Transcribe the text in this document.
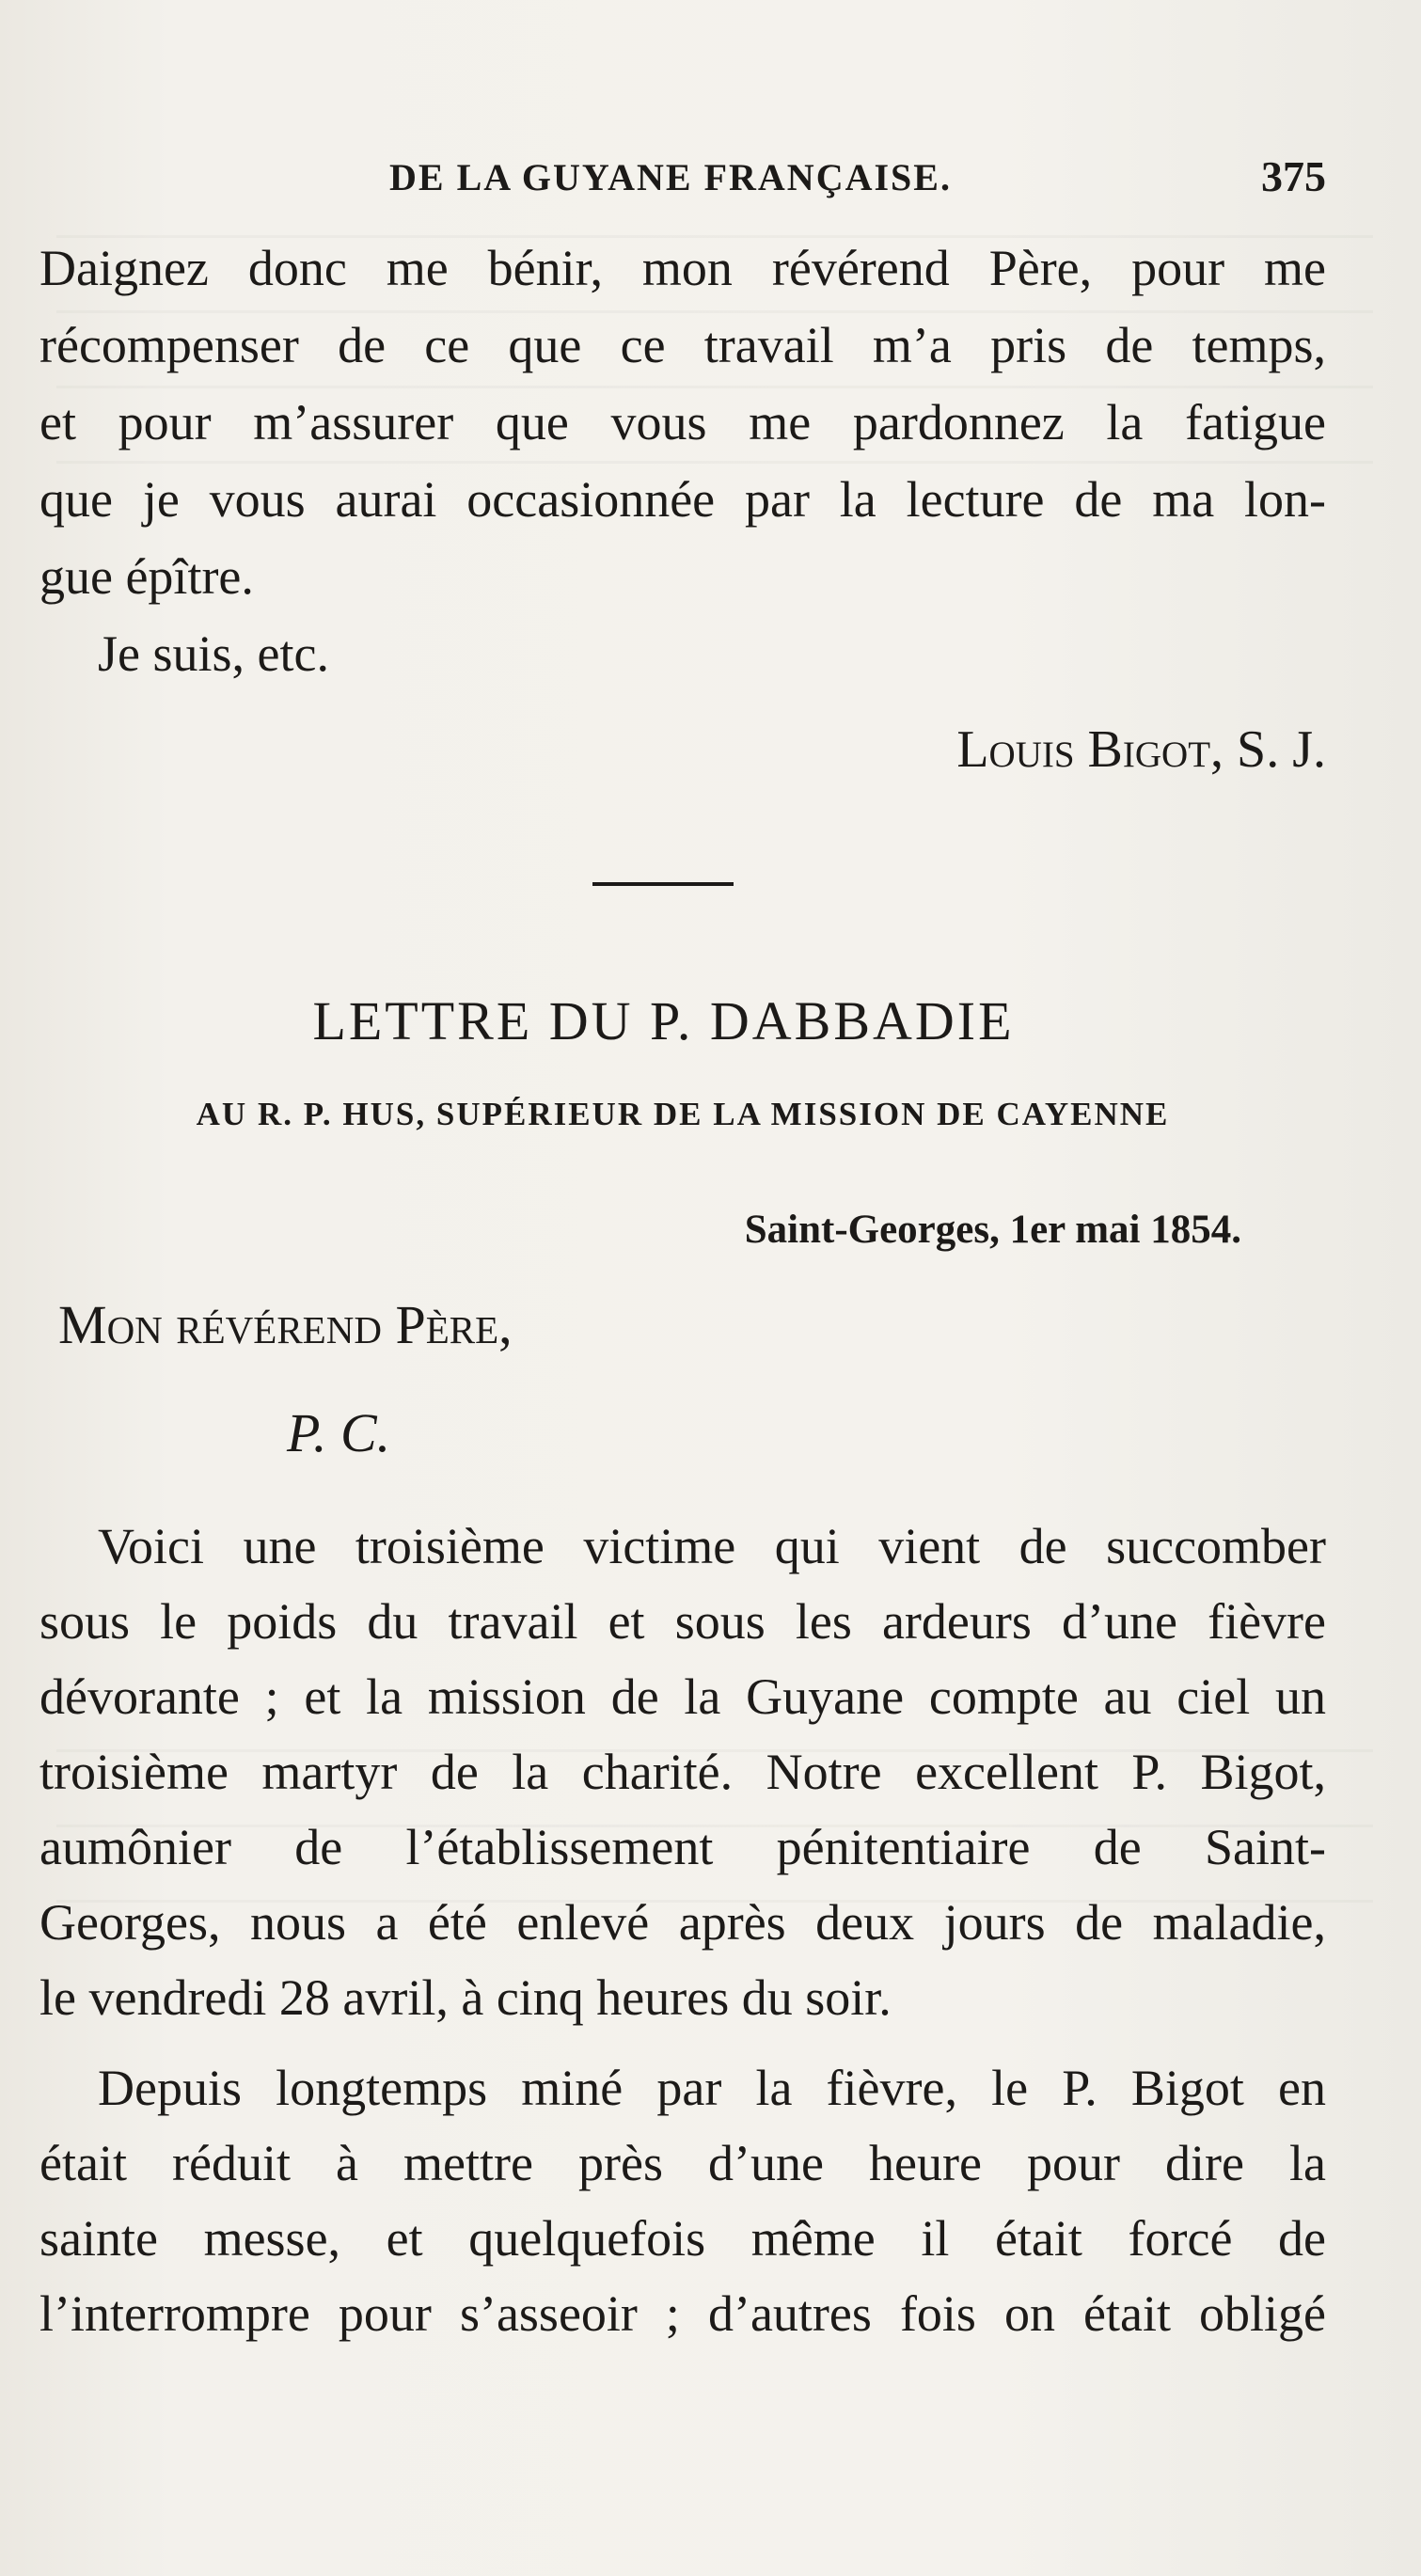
DE LA GUYANE FRANÇAISE.	375
Daignez donc me bénir, mon révérend Père, pour me
récompenser de ce que ce travail m’a pris de temps,
et pour m’assurer que vous me pardonnez la fatigue
que je vous aurai occasionnée par la lecture de ma lon-
gue épître.
Je suis, etc.
Louis Bigot, S. J.
LETTRE DU P. DABBADIE
AU R. P. HUS, SUPÉRIEUR DE LA MISSION DE CAYENNE
Saint-Georges, 1er mai 1854.
Mon révérend Père,
P. C.
Voici une troisième victime qui vient de succomber
sous le poids du travail et sous les ardeurs d’une fièvre
dévorante ; et la mission de la Guyane compte au ciel un
troisième martyr de la charité. Notre excellent P. Bigot,
aumônier de l’établissement pénitentiaire de Saint-
Georges, nous a été enlevé après deux jours de maladie,
le vendredi 28 avril, à cinq heures du soir.
Depuis longtemps miné par la fièvre, le P. Bigot en
était réduit à mettre près d’une heure pour dire la
sainte messe, et quelquefois même il était forcé de
l’interrompre pour s’asseoir ; d’autres fois on était obligé
